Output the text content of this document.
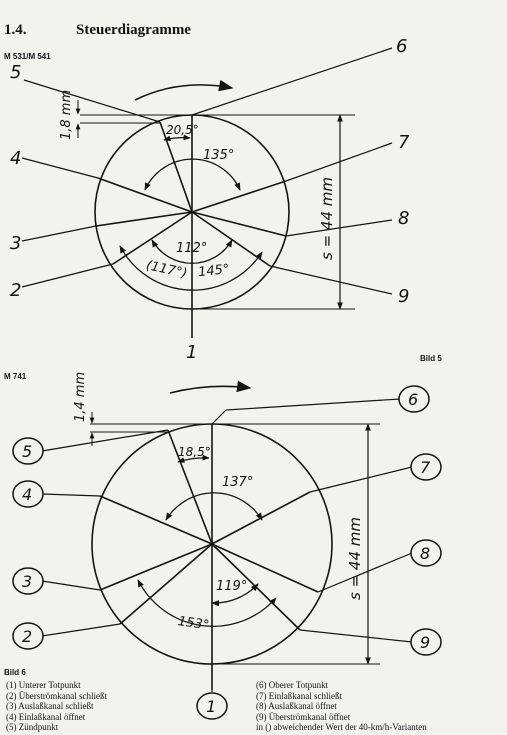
1.4.	Steuerdiagramme
M 531/M 541
Bild 5
M 741
20,5°
135°
112°
(117°) 145°
1,8 mm
s = 44 mm
1
2
3
4
5
6
7
8
9
18,5°
137°
119°
153°
1,4 mm
s = 44 mm
5
4
3
2
6
7
8
9
1
Bild 6
(1) Unterer Totpunkt
(2) Überströmkanal schließt
(3) Auslaßkanal schließt
(4) Einlaßkanal öffnet
(5) Zündpunkt
(6) Oberer Totpunkt
(7) Einlaßkanal schließt
(8) Auslaßkanal öffnet
(9) Überströmkanal öffnet
in () abweichender Wert der 40-km/h-Varianten
